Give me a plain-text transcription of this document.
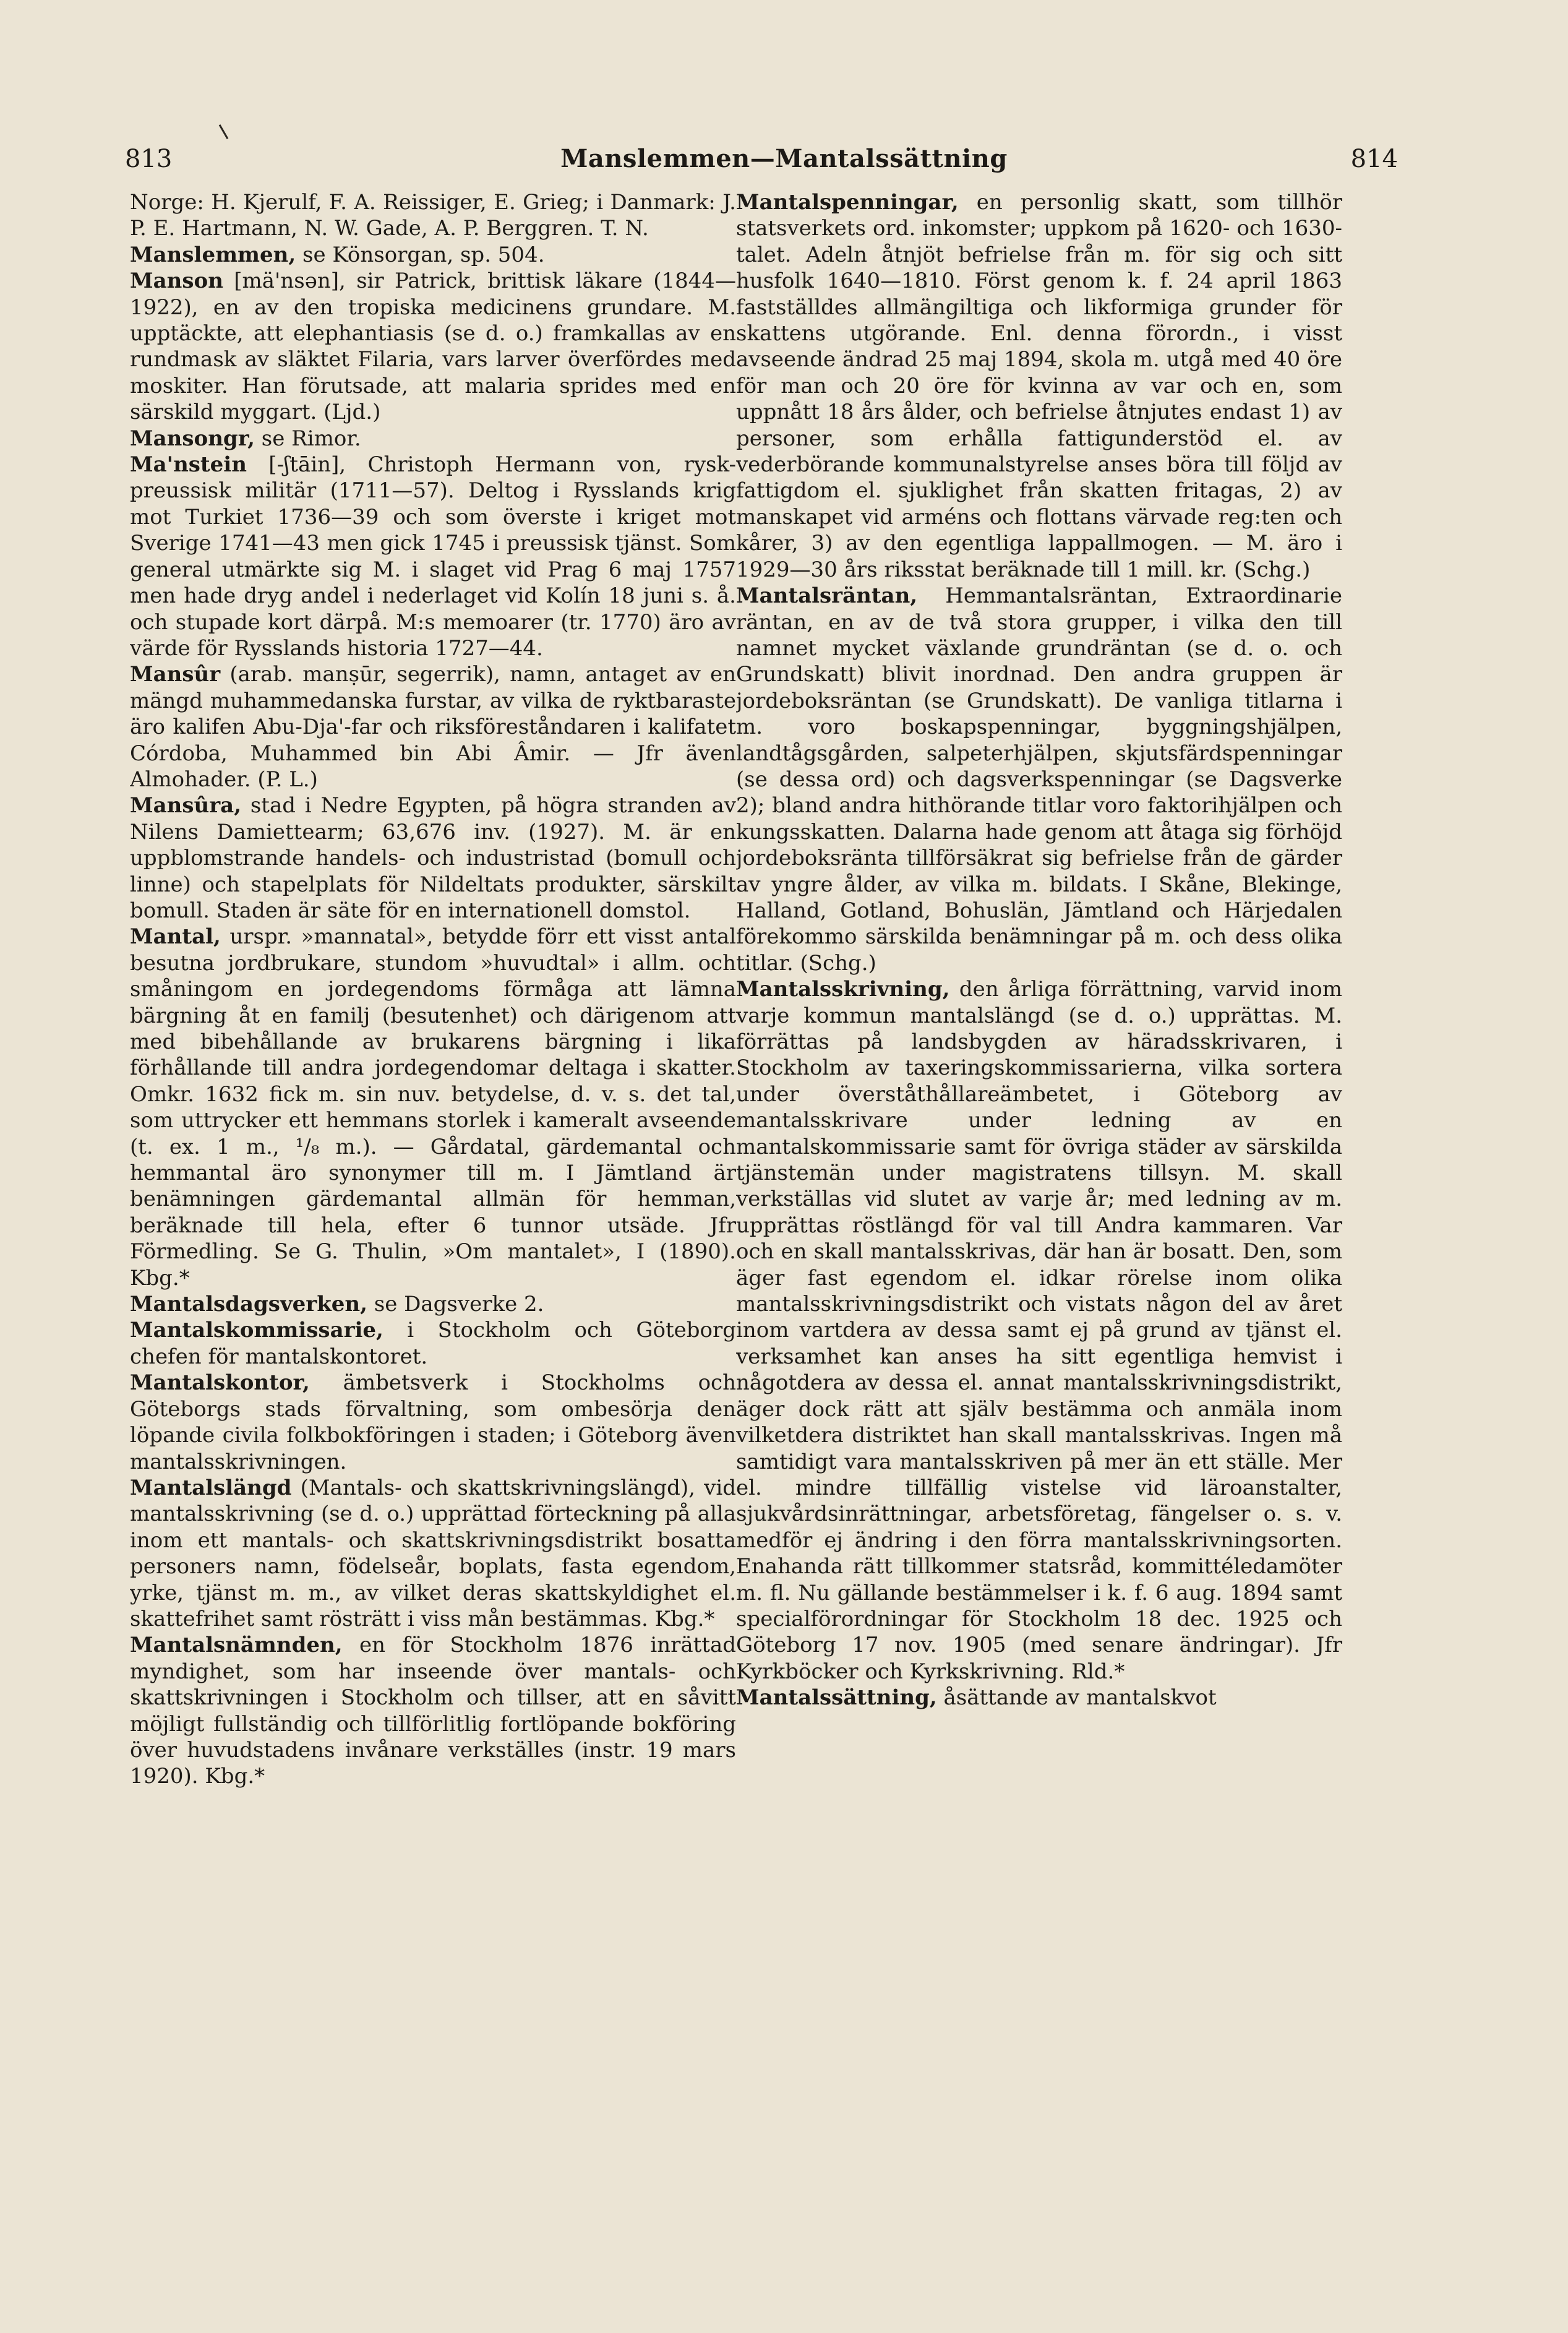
813	Manslemmen—Mantalssättning	814

Norge: H. Kjerulf, F. A. Reissiger, E. Grieg; i Danmark: J. P. E. Hartmann, N. W. Gade, A. P. Berggren. T. N.

Manslemmen, se Könsorgan, sp. 504.

Manson [mä'nsən], sir Patrick, brittisk läkare (1844—1922), en av den tropiska medicinens grundare. M. upptäckte, att elephantiasis (se d. o.) framkallas av en rundmask av släktet Filaria, vars larver överfördes med moskiter. Han förutsade, att malaria sprides med en särskild myggart. (Ljd.)

Mansongr, se Rimor.

Ma'nstein [-ʃtāin], Christoph Hermann von, rysk-preussisk militär (1711—57). Deltog i Rysslands krig mot Turkiet 1736—39 och som överste i kriget mot Sverige 1741—43 men gick 1745 i preussisk tjänst. Som general utmärkte sig M. i slaget vid Prag 6 maj 1757 men hade dryg andel i nederlaget vid Kolín 18 juni s. å. och stupade kort därpå. M:s memoarer (tr. 1770) äro av värde för Rysslands historia 1727—44.

Mansûr (arab. manṣūr, segerrik), namn, antaget av en mängd muhammedanska furstar, av vilka de ryktbaraste äro kalifen Abu-Dja'-far och riksföreståndaren i kalifatet Córdoba, Muhammed bin Abi Âmir. — Jfr även Almohader. (P. L.)

Mansûra, stad i Nedre Egypten, på högra stranden av Nilens Damiettearm; 63,676 inv. (1927). M. är en uppblomstrande handels- och industristad (bomull och linne) och stapelplats för Nildeltats produkter, särskilt bomull. Staden är säte för en internationell domstol.

Mantal, urspr. »mannatal», betydde förr ett visst antal besutna jordbrukare, stundom »huvudtal» i allm. och småningom en jordegendoms förmåga att lämna bärgning åt en familj (besutenhet) och därigenom att med bibehållande av brukarens bärgning i lika förhållande till andra jordegendomar deltaga i skatter. Omkr. 1632 fick m. sin nuv. betydelse, d. v. s. det tal, som uttrycker ett hemmans storlek i kameralt avseende (t. ex. 1 m., ¹/₈ m.). — Gårdatal, gärdemantal och hemmantal äro synonymer till m. I Jämtland är benämningen gärdemantal allmän för hemman, beräknade till hela, efter 6 tunnor utsäde. Jfr Förmedling. Se G. Thulin, »Om mantalet», I (1890). Kbg.*

Mantalsdagsverken, se Dagsverke 2.

Mantalskommissarie, i Stockholm och Göteborg chefen för mantalskontoret.

Mantalskontor, ämbetsverk i Stockholms och Göteborgs stads förvaltning, som ombesörja den löpande civila folkbokföringen i staden; i Göteborg även mantalsskrivningen.

Mantalslängd (Mantals- och skattskrivningslängd), vid mantalsskrivning (se d. o.) upprättad förteckning på alla inom ett mantals- och skattskrivningsdistrikt bosatta personers namn, födelseår, boplats, fasta egendom, yrke, tjänst m. m., av vilket deras skattskyldighet el. skattefrihet samt rösträtt i viss mån bestämmas. Kbg.*

Mantalsnämnden, en för Stockholm 1876 inrättad myndighet, som har inseende över mantals- och skattskrivningen i Stockholm och tillser, att en såvitt möjligt fullständig och tillförlitlig fortlöpande bokföring över huvudstadens invånare verkställes (instr. 19 mars 1920). Kbg.*

Mantalspenningar, en personlig skatt, som tillhör statsverkets ord. inkomster; uppkom på 1620- och 1630-talet. Adeln åtnjöt befrielse från m. för sig och sitt husfolk 1640—1810. Först genom k. f. 24 april 1863 fastställdes allmängiltiga och likformiga grunder för skattens utgörande. Enl. denna förordn., i visst avseende ändrad 25 maj 1894, skola m. utgå med 40 öre för man och 20 öre för kvinna av var och en, som uppnått 18 års ålder, och befrielse åtnjutes endast 1) av personer, som erhålla fattigunderstöd el. av vederbörande kommunalstyrelse anses böra till följd av fattigdom el. sjuklighet från skatten fritagas, 2) av manskapet vid arméns och flottans värvade reg:ten och kårer, 3) av den egentliga lappallmogen. — M. äro i 1929—30 års riksstat beräknade till 1 mill. kr. (Schg.)

Mantalsräntan, Hemmantalsräntan, Extraordinarie räntan, en av de två stora grupper, i vilka den till namnet mycket växlande grundräntan (se d. o. och Grundskatt) blivit inordnad. Den andra gruppen är jordeboksräntan (se Grundskatt). De vanliga titlarna i m. voro boskapspenningar, byggningshjälpen, landtågsgården, salpeterhjälpen, skjutsfärdspenningar (se dessa ord) och dagsverkspenningar (se Dagsverke 2); bland andra hithörande titlar voro faktorihjälpen och kungsskatten. Dalarna hade genom att åtaga sig förhöjd jordeboksränta tillförsäkrat sig befrielse från de gärder av yngre ålder, av vilka m. bildats. I Skåne, Blekinge, Halland, Gotland, Bohuslän, Jämtland och Härjedalen förekommo särskilda benämningar på m. och dess olika titlar. (Schg.)

Mantalsskrivning, den årliga förrättning, varvid inom varje kommun mantalslängd (se d. o.) upprättas. M. förrättas på landsbygden av häradsskrivaren, i Stockholm av taxeringskommissarierna, vilka sortera under överståthållareämbetet, i Göteborg av mantalsskrivare under ledning av en mantalskommissarie samt för övriga städer av särskilda tjänstemän under magistratens tillsyn. M. skall verkställas vid slutet av varje år; med ledning av m. upprättas röstlängd för val till Andra kammaren. Var och en skall mantalsskrivas, där han är bosatt. Den, som äger fast egendom el. idkar rörelse inom olika mantalsskrivningsdistrikt och vistats någon del av året inom vartdera av dessa samt ej på grund av tjänst el. verksamhet kan anses ha sitt egentliga hemvist i någotdera av dessa el. annat mantalsskrivningsdistrikt, äger dock rätt att själv bestämma och anmäla inom vilketdera distriktet han skall mantalsskrivas. Ingen må samtidigt vara mantalsskriven på mer än ett ställe. Mer el. mindre tillfällig vistelse vid läroanstalter, sjukvårdsinrättningar, arbetsföretag, fängelser o. s. v. medför ej ändring i den förra mantalsskrivningsorten. Enahanda rätt tillkommer statsråd, kommittéledamöter m. fl. Nu gällande bestämmelser i k. f. 6 aug. 1894 samt specialförordningar för Stockholm 18 dec. 1925 och Göteborg 17 nov. 1905 (med senare ändringar). Jfr Kyrkböcker och Kyrkskrivning. Rld.*

Mantalssättning, åsättande av mantalskvot
